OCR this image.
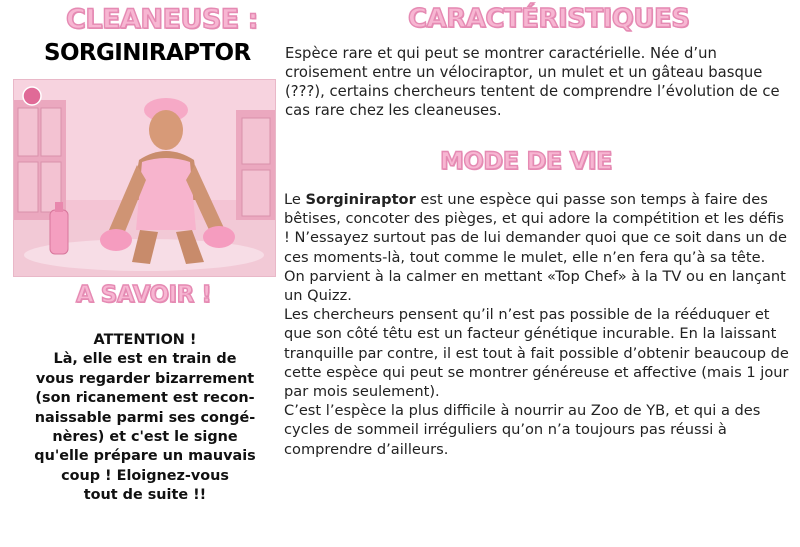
CLEANEUSE :
SORGINIRAPTOR
A SAVOIR !

ATTENTION !

Là, elle est en train de

vous regarder bizarrement

(son ricanement est recon-

naissable parmi ses congé-

nères) et c'est le signe

qu'elle prépare un mauvais

coup ! Eloignez-vous

tout de suite !!

CARACTÉRISTIQUES

Espèce rare et qui peut se montrer caractérielle. Née d’un croisement entre un vélociraptor, un mulet et un gâteau basque (???), certains chercheurs tentent de comprendre l’évolution de ce cas rare chez les cleaneuses.

MODE DE VIE

Le Sorginiraptor est une espèce qui passe son temps à faire des bêtises, concoter des pièges, et qui adore la compétition et les défis ! N’essayez surtout pas de lui demander quoi que ce soit dans un de ces moments-là, tout comme le mulet, elle n’en fera qu’à sa tête.

On parvient à la calmer en mettant «Top Chef» à la TV ou en lançant un Quizz.

Les chercheurs pensent qu’il n’est pas possible de la rééduquer et que son côté têtu est un facteur génétique incurable. En la laissant tranquille par contre, il est tout à fait possible d’obtenir beaucoup de cette espèce qui peut se montrer généreuse et affective (mais 1 jour par mois seulement).

C’est l’espèce la plus difficile à nourrir au Zoo de YB, et qui a des cycles de sommeil irréguliers qu’on n’a toujours pas réussi à comprendre d’ailleurs.
